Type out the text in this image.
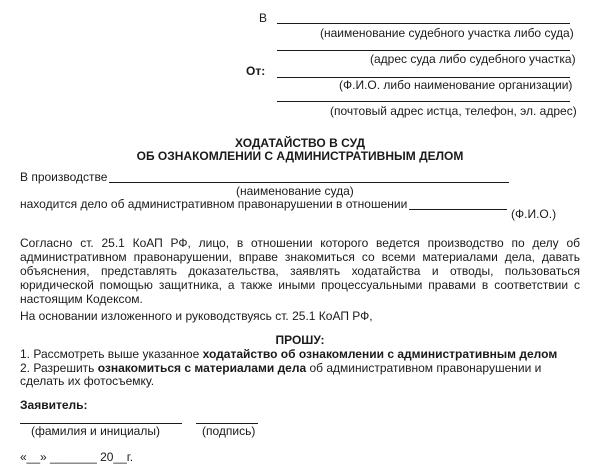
В
(наименование судебного участка либо суда)
(адрес суда либо судебного участка)
От:
(Ф.И.О. либо наименование организации)
(почтовый адрес истца, телефон, эл. адрес)
ХОДАТАЙСТВО В СУД
ОБ ОЗНАКОМЛЕНИИ С АДМИНИСТРАТИВНЫМ ДЕЛОМ
В производстве
(наименование суда)
находится дело об административном правонарушении в отношении
(Ф.И.О.)
Согласно ст. 25.1 КоАП РФ, лицо, в отношении которого ведется производство по делу об административном правонарушении, вправе знакомиться со всеми материалами дела, давать объяснения, представлять доказательства, заявлять ходатайства и отводы, пользоваться юридической помощью защитника, а также иными процессуальными правами в соответствии с настоящим Кодексом.
На основании изложенного и руководствуясь ст. 25.1 КоАП РФ,
ПРОШУ:
1. Рассмотреть выше указанное ходатайство об ознакомлении с административным делом
2. Разрешить ознакомиться с материалами дела об административном правонарушении и
сделать их фотосъемку.
Заявитель:
(фамилия и инициалы)	(подпись)
«__» _______ 20__г.
